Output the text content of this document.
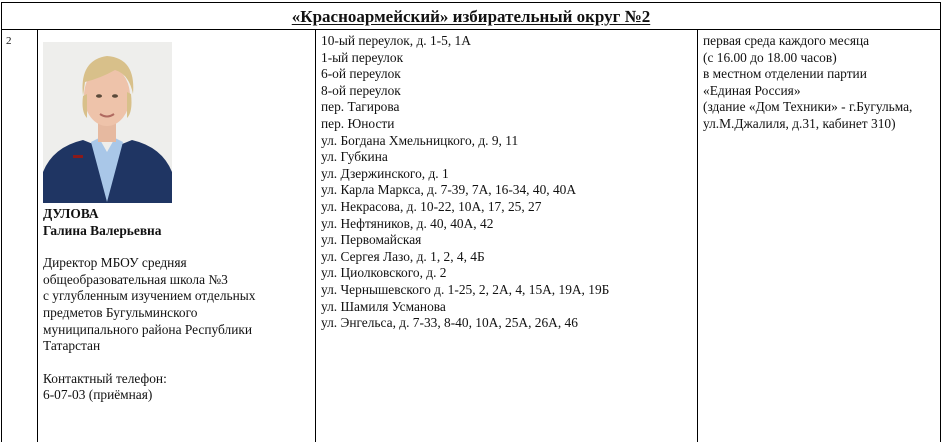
«Красноармейский» избирательный округ №2
2
ДУЛОВА
Галина Валерьевна
Директор МБОУ средняя
общеобразовательная школа №3
с углубленным изучением отдельных
предметов Бугульминского
муниципального района Республики
Татарстан
Контактный телефон:
6-07-03 (приёмная)
10-ый переулок, д. 1-5, 1А
1-ый переулок
6-ой переулок
8-ой переулок
пер. Тагирова
пер. Юности
ул. Богдана Хмельницкого, д. 9, 11
ул. Губкина
ул. Дзержинского, д. 1
ул. Карла Маркса, д. 7-39, 7А, 16-34, 40, 40А
ул. Некрасова, д. 10-22, 10А, 17, 25, 27
ул. Нефтяников, д. 40, 40А, 42
ул. Первомайская
ул. Сергея Лазо, д. 1, 2, 4, 4Б
ул. Циолковского, д. 2
ул. Чернышевского д. 1-25, 2, 2А, 4, 15А, 19А, 19Б
ул. Шамиля Усманова
ул. Энгельса, д. 7-33, 8-40, 10А, 25А, 26А, 46
первая среда каждого месяца
(с 16.00 до 18.00 часов)
в местном отделении партии
«Единая Россия»
(здание «Дом Техники» - г.Бугульма,
ул.М.Джалиля, д.31, кабинет 310)
